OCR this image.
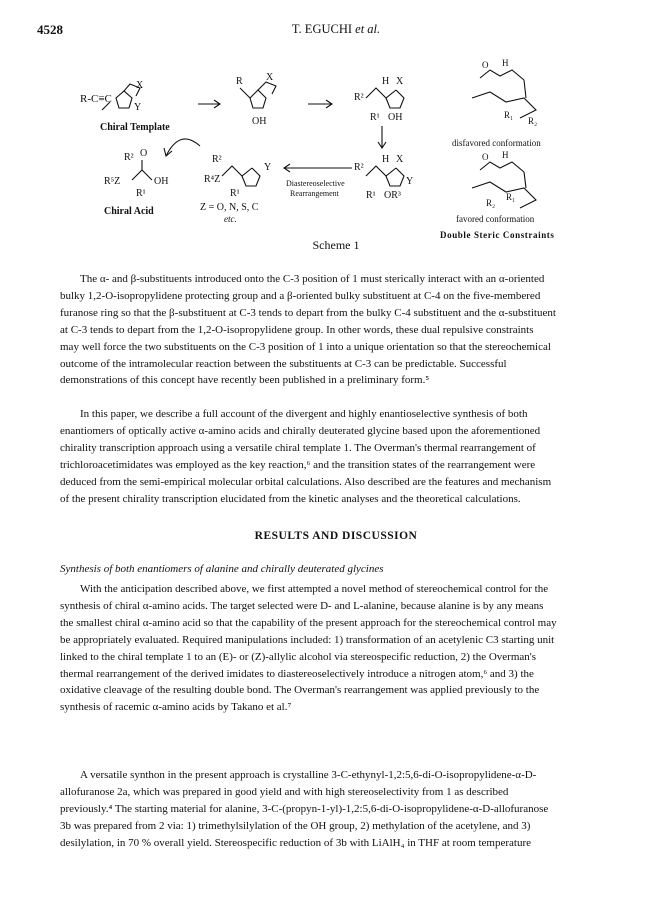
4528	T. EGUCHI et al.
R-C≡C
Y
X
Chiral Template
R X
OH
R²
H X
R¹ OH
R²
H X
R¹ OR³
Y
Diastereoselective
Rearrangement
R²
R⁴Z
R¹
Y
Z = O, N, S, C
etc.
R² O
R⁵Z	OH
R¹
Chiral Acid
O H
R₁
R₂
disfavored conformation
O H
R₂
R₁
favored conformation
Double Steric Constraints
Scheme 1
The α- and β-substituents introduced onto the C-3 position of 1 must sterically interact with an α-oriented
bulky 1,2-O-isopropylidene protecting group and a β-oriented bulky substituent at C-4 on the five-membered
furanose ring so that the β-substituent at C-3 tends to depart from the bulky C-4 substituent and the α-substituent
at C-3 tends to depart from the 1,2-O-isopropylidene group. In other words, these dual repulsive constraints
may well force the two substituents on the C-3 position of 1 into a unique orientation so that the stereochemical
outcome of the intramolecular reaction between the substituents at C-3 can be predictable. Successful
demonstrations of this concept have recently been published in a preliminary form.⁵
In this paper, we describe a full account of the divergent and highly enantioselective synthesis of both
enantiomers of optically active α-amino acids and chirally deuterated glycine based upon the aforementioned
chirality transcription approach using a versatile chiral template 1. The Overman's thermal rearrangement of
trichloroacetimidates was employed as the key reaction,⁶ and the transition states of the rearrangement were
deduced from the semi-empirical molecular orbital calculations. Also described are the features and mechanism
of the present chirality transcription elucidated from the kinetic analyses and the theoretical calculations.
RESULTS AND DISCUSSION
Synthesis of both enantiomers of alanine and chirally deuterated glycines
With the anticipation described above, we first attempted a novel method of stereochemical control for the
synthesis of chiral α-amino acids. The target selected were D- and L-alanine, because alanine is by any means
the smallest chiral α-amino acid so that the capability of the present approach for the stereochemical control may
be appropriately evaluated. Required manipulations included: 1) transformation of an acetylenic C3 starting unit
linked to the chiral template 1 to an (E)- or (Z)-allylic alcohol via stereospecific reduction, 2) the Overman's
thermal rearrangement of the derived imidates to diastereoselectively introduce a nitrogen atom,⁶ and 3) the
oxidative cleavage of the resulting double bond. The Overman's rearrangement was applied previously to the
synthesis of racemic α-amino acids by Takano et al.⁷
A versatile synthon in the present approach is crystalline 3-C-ethynyl-1,2:5,6-di-O-isopropylidene-α-D-
allofuranose 2a, which was prepared in good yield and with high stereoselectivity from 1 as described
previously.⁴ The starting material for alanine, 3-C-(propyn-1-yl)-1,2:5,6-di-O-isopropylidene-α-D-allofuranose
3b was prepared from 2 via: 1) trimethylsilylation of the OH group, 2) methylation of the acetylene, and 3)
desilylation, in 70 % overall yield. Stereospecific reduction of 3b with LiAlH₄ in THF at room temperature
